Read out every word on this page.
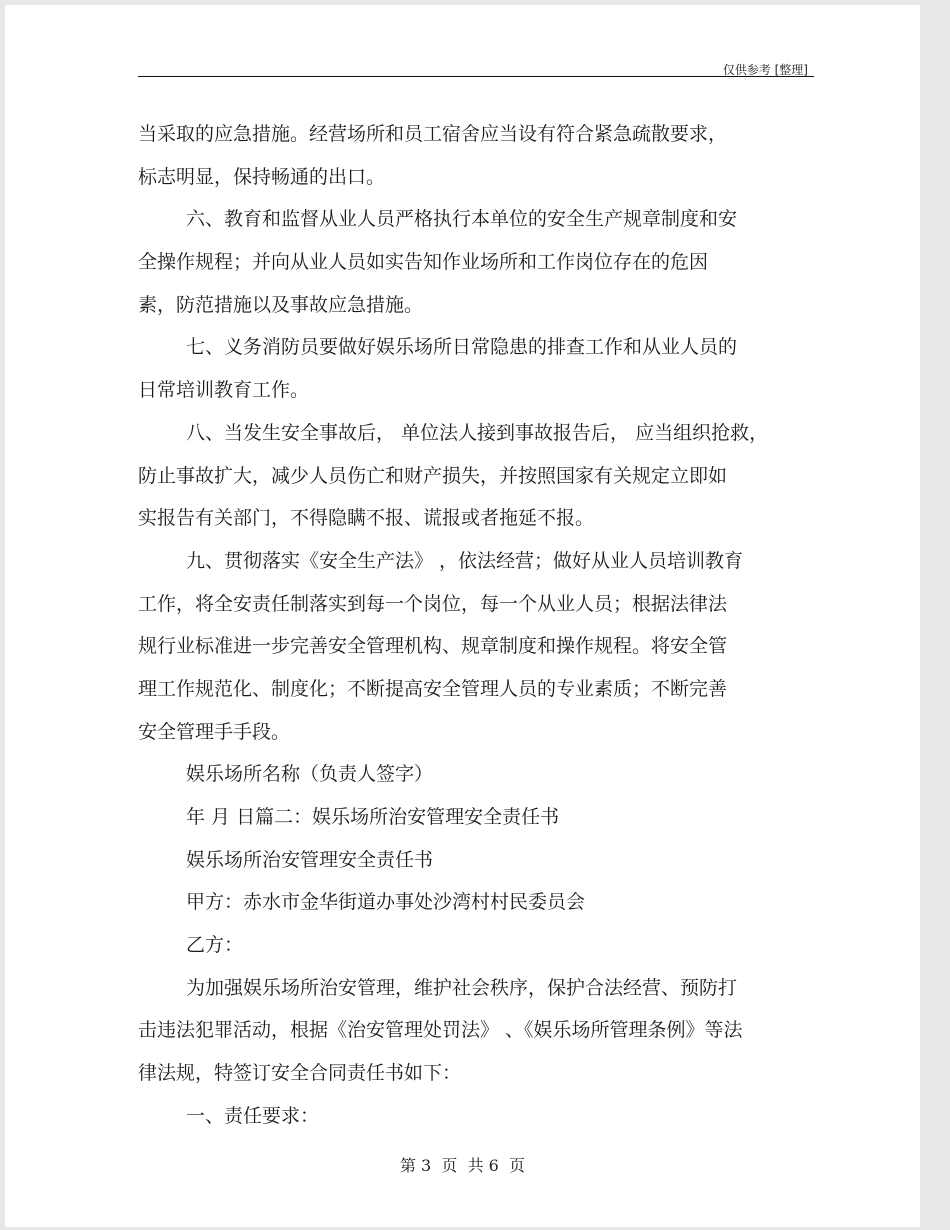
仅供参考 [整理]
当采取的应急措施。经营场所和员工宿舍应当设有符合紧急疏散要求，
标志明显，保持畅通的出口。
六、教育和监督从业人员严格执行本单位的安全生产规章制度和安
全操作规程；并向从业人员如实告知作业场所和工作岗位存在的危因
素，防范措施以及事故应急措施。
七、义务消防员要做好娱乐场所日常隐患的排查工作和从业人员的
日常培训教育工作。
八、当发生安全事故后， 单位法人接到事故报告后， 应当组织抢救，
防止事故扩大，减少人员伤亡和财产损失，并按照国家有关规定立即如
实报告有关部门，不得隐瞒不报、谎报或者拖延不报。
九、贯彻落实《安全生产法》 ，依法经营；做好从业人员培训教育
工作，将全安责任制落实到每一个岗位，每一个从业人员；根据法律法
规行业标准进一步完善安全管理机构、规章制度和操作规程。将安全管
理工作规范化、制度化；不断提高安全管理人员的专业素质；不断完善
安全管理手手段。
娱乐场所名称（负责人签字）
年 月 日篇二：娱乐场所治安管理安全责任书
娱乐场所治安管理安全责任书
甲方：赤水市金华街道办事处沙湾村村民委员会
乙方：
为加强娱乐场所治安管理，维护社会秩序，保护合法经营、预防打
击违法犯罪活动，根据《治安管理处罚法》 、《娱乐场所管理条例》等法
律法规，特签订安全合同责任书如下：
一、责任要求：
第 3  页  共 6  页
